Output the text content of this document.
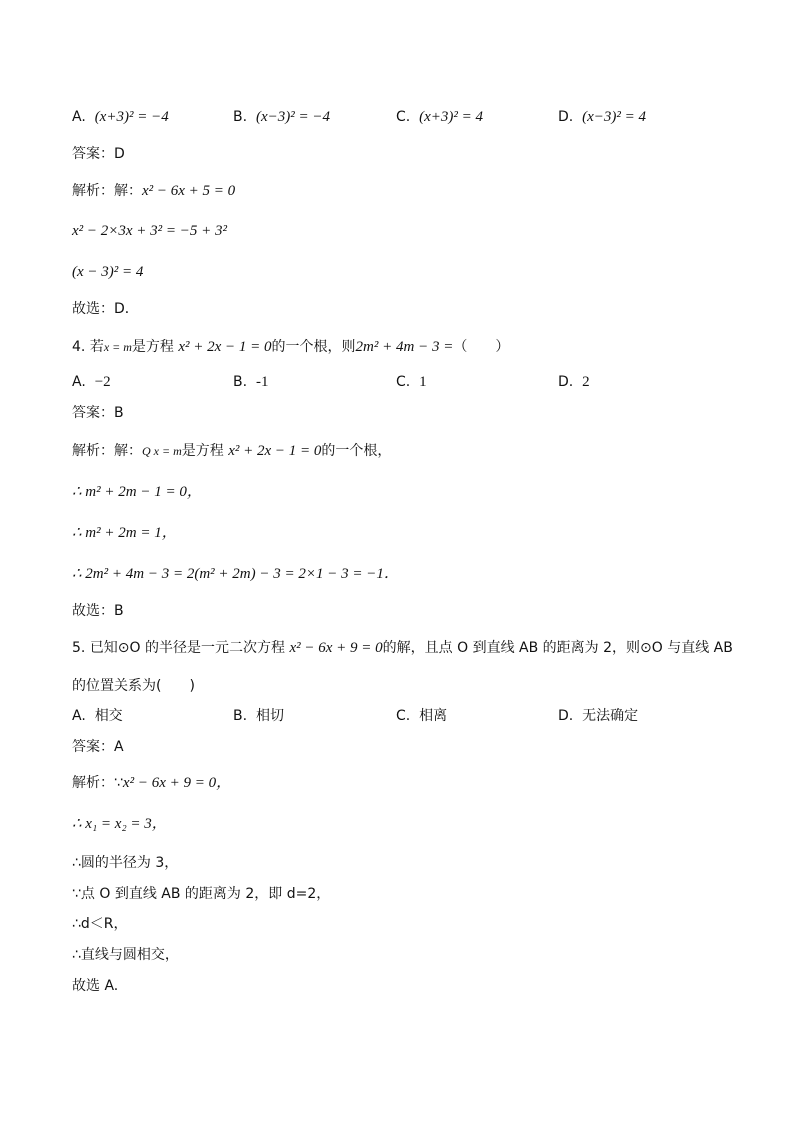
A. (x+3)² = −4	B. (x−3)² = −4	C. (x+3)² = 4	D. (x−3)² = 4
答案：D
解析：解：x² − 6x + 5 = 0
x² − 2×3x + 3² = −5 + 3²
(x − 3)² = 4
故选：D．
4. 若x = m是方程 x² + 2x − 1 = 0的一个根，则2m² + 4m − 3 =（　　）
A. −2	B. -1	C. 1	D. 2
答案：B
解析：解：Q x = m是方程 x² + 2x − 1 = 0的一个根，
∴ m² + 2m − 1 = 0，
∴ m² + 2m = 1，
∴ 2m² + 4m − 3 = 2(m² + 2m) − 3 = 2×1 − 3 = −1．
故选：B
5. 已知⊙O 的半径是一元二次方程 x² − 6x + 9 = 0的解，且点 O 到直线 AB 的距离为 2，则⊙O 与直线 AB
的位置关系为(　　)
A. 相交	B. 相切	C. 相离	D. 无法确定
答案：A
解析：∵x² − 6x + 9 = 0，
∴ x₁ = x₂ = 3，
∴圆的半径为 3，
∵点 O 到直线 AB 的距离为 2，即 d=2，
∴d＜R，
∴直线与圆相交，
故选 A.
